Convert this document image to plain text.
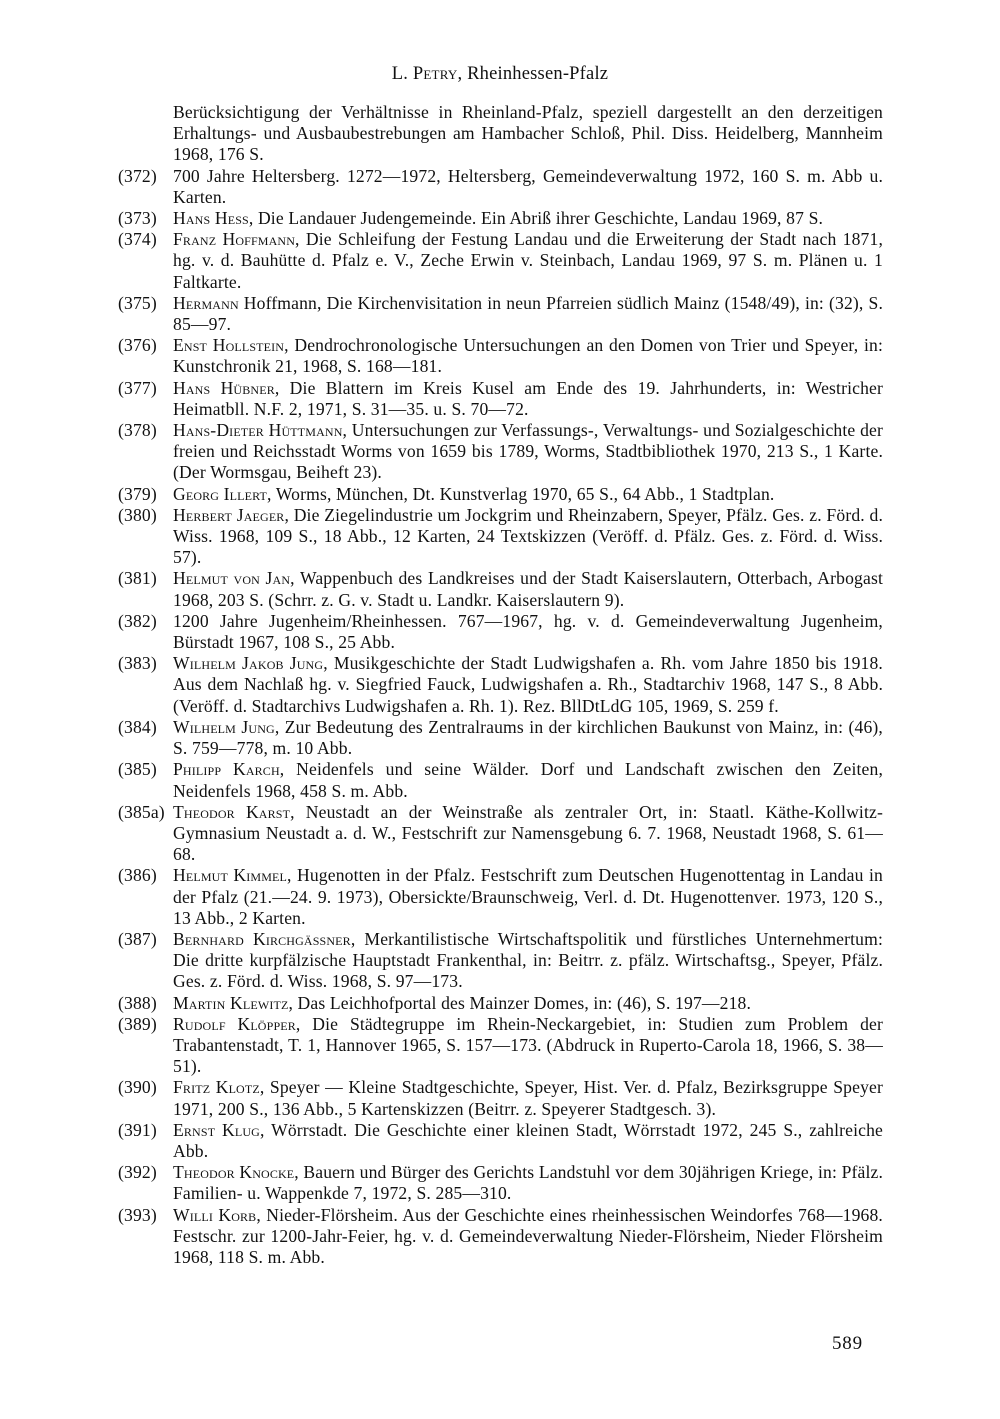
L. Petry, Rheinhessen-Pfalz
Berücksichtigung der Verhältnisse in Rheinland-Pfalz, speziell dargestellt an den derzeitigen Erhaltungs- und Ausbaubestrebungen am Hambacher Schloß, Phil. Diss. Heidelberg, Mannheim 1968, 176 S.
(372) 700 Jahre Heltersberg. 1272—1972, Heltersberg, Gemeindeverwaltung 1972, 160 S. m. Abb u. Karten.
(373) Hans Hess, Die Landauer Judengemeinde. Ein Abriß ihrer Geschichte, Landau 1969, 87 S.
(374) Franz Hoffmann, Die Schleifung der Festung Landau und die Erweiterung der Stadt nach 1871, hg. v. d. Bauhütte d. Pfalz e. V., Zeche Erwin v. Steinbach, Landau 1969, 97 S. m. Plänen u. 1 Faltkarte.
(375) Hermann Hoffmann, Die Kirchenvisitation in neun Pfarreien südlich Mainz (1548/49), in: (32), S. 85—97.
(376) Enst Hollstein, Dendrochronologische Untersuchungen an den Domen von Trier und Speyer, in: Kunstchronik 21, 1968, S. 168—181.
(377) Hans Hübner, Die Blattern im Kreis Kusel am Ende des 19. Jahrhunderts, in: Westricher Heimatbll. N.F. 2, 1971, S. 31—35. u. S. 70—72.
(378) Hans-Dieter Hüttmann, Untersuchungen zur Verfassungs-, Verwaltungs- und Sozialgeschichte der freien und Reichsstadt Worms von 1659 bis 1789, Worms, Stadtbibliothek 1970, 213 S., 1 Karte. (Der Wormsgau, Beiheft 23).
(379) Georg Illert, Worms, München, Dt. Kunstverlag 1970, 65 S., 64 Abb., 1 Stadtplan.
(380) Herbert Jaeger, Die Ziegelindustrie um Jockgrim und Rheinzabern, Speyer, Pfälz. Ges. z. Förd. d. Wiss. 1968, 109 S., 18 Abb., 12 Karten, 24 Textskizzen (Veröff. d. Pfälz. Ges. z. Förd. d. Wiss. 57).
(381) Helmut von Jan, Wappenbuch des Landkreises und der Stadt Kaiserslautern, Otterbach, Arbogast 1968, 203 S. (Schrr. z. G. v. Stadt u. Landkr. Kaiserslautern 9).
(382) 1200 Jahre Jugenheim/Rheinhessen. 767—1967, hg. v. d. Gemeindeverwaltung Jugenheim, Bürstadt 1967, 108 S., 25 Abb.
(383) Wilhelm Jakob Jung, Musikgeschichte der Stadt Ludwigshafen a. Rh. vom Jahre 1850 bis 1918. Aus dem Nachlaß hg. v. Siegfried Fauck, Ludwigshafen a. Rh., Stadtarchiv 1968, 147 S., 8 Abb. (Veröff. d. Stadtarchivs Ludwigshafen a. Rh. 1). Rez. BllDtLdG 105, 1969, S. 259 f.
(384) Wilhelm Jung, Zur Bedeutung des Zentralraums in der kirchlichen Baukunst von Mainz, in: (46), S. 759—778, m. 10 Abb.
(385) Philipp Karch, Neidenfels und seine Wälder. Dorf und Landschaft zwischen den Zeiten, Neidenfels 1968, 458 S. m. Abb.
(385a) Theodor Karst, Neustadt an der Weinstraße als zentraler Ort, in: Staatl. Käthe-Kollwitz-Gymnasium Neustadt a. d. W., Festschrift zur Namensgebung 6. 7. 1968, Neustadt 1968, S. 61—68.
(386) Helmut Kimmel, Hugenotten in der Pfalz. Festschrift zum Deutschen Hugenottentag in Landau in der Pfalz (21.—24. 9. 1973), Obersickte/Braunschweig, Verl. d. Dt. Hugenottenver. 1973, 120 S., 13 Abb., 2 Karten.
(387) Bernhard Kirchgässner, Merkantilistische Wirtschaftspolitik und fürstliches Unternehmertum: Die dritte kurpfälzische Hauptstadt Frankenthal, in: Beitrr. z. pfälz. Wirtschaftsg., Speyer, Pfälz. Ges. z. Förd. d. Wiss. 1968, S. 97—173.
(388) Martin Klewitz, Das Leichhofportal des Mainzer Domes, in: (46), S. 197—218.
(389) Rudolf Klöpper, Die Städtegruppe im Rhein-Neckargebiet, in: Studien zum Problem der Trabantenstadt, T. 1, Hannover 1965, S. 157—173. (Abdruck in Ruperto-Carola 18, 1966, S. 38—51).
(390) Fritz Klotz, Speyer — Kleine Stadtgeschichte, Speyer, Hist. Ver. d. Pfalz, Bezirksgruppe Speyer 1971, 200 S., 136 Abb., 5 Kartenskizzen (Beitrr. z. Speyerer Stadtgesch. 3).
(391) Ernst Klug, Wörrstadt. Die Geschichte einer kleinen Stadt, Wörrstadt 1972, 245 S., zahlreiche Abb.
(392) Theodor Knocke, Bauern und Bürger des Gerichts Landstuhl vor dem 30jährigen Kriege, in: Pfälz. Familien- u. Wappenkde 7, 1972, S. 285—310.
(393) Willi Korb, Nieder-Flörsheim. Aus der Geschichte eines rheinhessischen Weindorfes 768—1968. Festschr. zur 1200-Jahr-Feier, hg. v. d. Gemeindeverwaltung Nieder-Flörsheim, Nieder Flörsheim 1968, 118 S. m. Abb.
589
